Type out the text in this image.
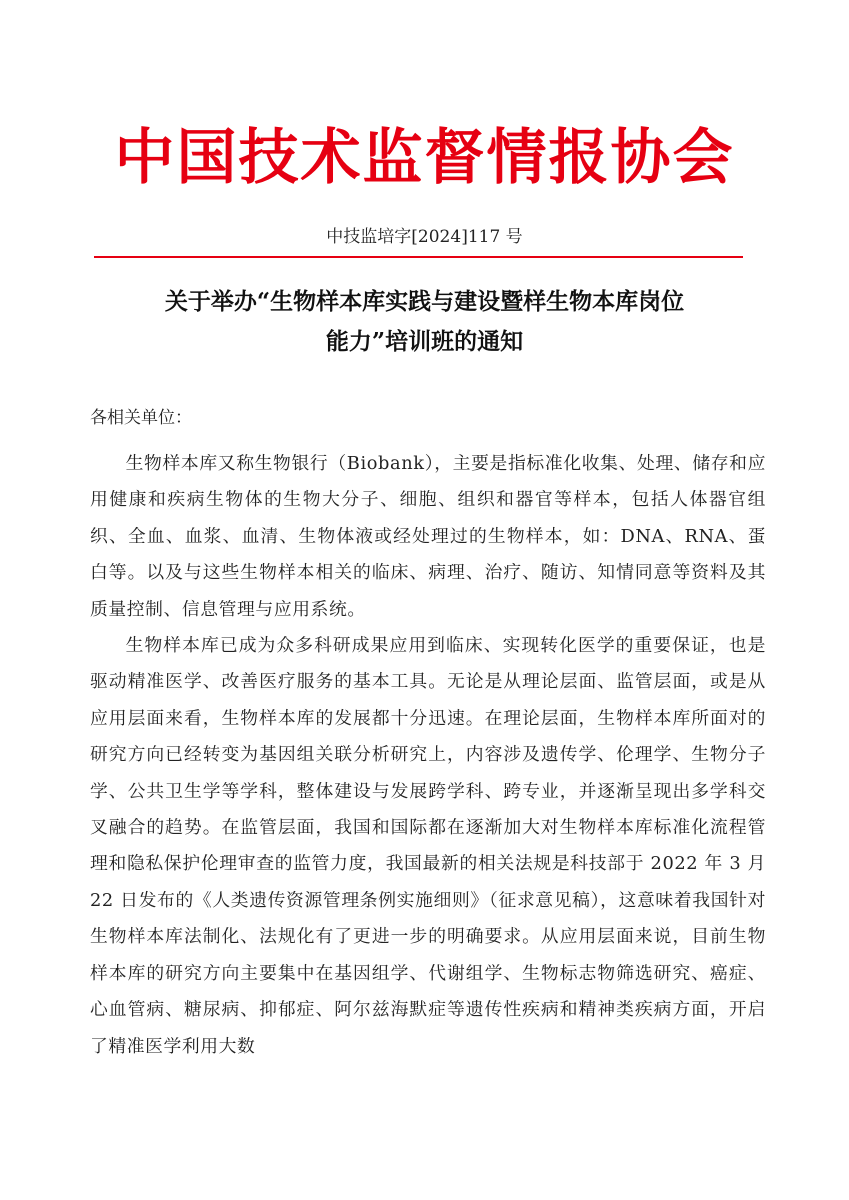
中国技术监督情报协会
中技监培字[2024]117 号
关于举办“生物样本库实践与建设暨样生物本库岗位
能力”培训班的通知
各相关单位：

生物样本库又称生物银行（Biobank），主要是指标准化收集、处理、储存和应用健康和疾病生物体的生物大分子、细胞、组织和器官等样本，包括人体器官组织、全血、血浆、血清、生物体液或经处理过的生物样本，如：DNA、RNA、蛋白等。以及与这些生物样本相关的临床、病理、治疗、随访、知情同意等资料及其质量控制、信息管理与应用系统。

生物样本库已成为众多科研成果应用到临床、实现转化医学的重要保证，也是驱动精准医学、改善医疗服务的基本工具。无论是从理论层面、监管层面，或是从应用层面来看，生物样本库的发展都十分迅速。在理论层面，生物样本库所面对的研究方向已经转变为基因组关联分析研究上，内容涉及遗传学、伦理学、生物分子学、公共卫生学等学科，整体建设与发展跨学科、跨专业，并逐渐呈现出多学科交叉融合的趋势。在监管层面，我国和国际都在逐渐加大对生物样本库标准化流程管理和隐私保护伦理审查的监管力度，我国最新的相关法规是科技部于 2022 年 3 月 22 日发布的《人类遗传资源管理条例实施细则》（征求意见稿），这意味着我国针对生物样本库法制化、法规化有了更进一步的明确要求。从应用层面来说，目前生物样本库的研究方向主要集中在基因组学、代谢组学、生物标志物筛选研究、癌症、心血管病、糖尿病、抑郁症、阿尔兹海默症等遗传性疾病和精神类疾病方面，开启了精准医学利用大数
